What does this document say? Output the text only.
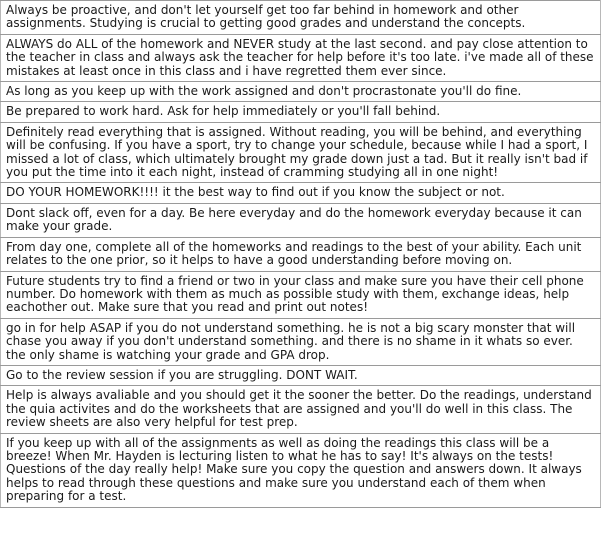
Always be proactive, and don't let yourself get too far behind in homework and other assignments. Studying is crucial to getting good grades and understand the concepts.
ALWAYS do ALL of the homework and NEVER study at the last second. and pay close attention to the teacher in class and always ask the teacher for help before it's too late. i've made all of these mistakes at least once in this class and i have regretted them ever since.
As long as you keep up with the work assigned and don't procrastonate you'll do fine.
Be prepared to work hard. Ask for help immediately or you'll fall behind.
Definitely read everything that is assigned. Without reading, you will be behind, and everything will be confusing. If you have a sport, try to change your schedule, because while I had a sport, I missed a lot of class, which ultimately brought my grade down just a tad. But it really isn't bad if you put the time into it each night, instead of cramming studying all in one night!
DO YOUR HOMEWORK!!!! it the best way to find out if you know the subject or not.
Dont slack off, even for a day. Be here everyday and do the homework everyday because it can make your grade.
From day one, complete all of the homeworks and readings to the best of your ability. Each unit relates to the one prior, so it helps to have a good understanding before moving on.
Future students try to find a friend or two in your class and make sure you have their cell phone number. Do homework with them as much as possible study with them, exchange ideas, help eachother out. Make sure that you read and print out notes!
go in for help ASAP if you do not understand something. he is not a big scary monster that will chase you away if you don't understand something. and there is no shame in it whats so ever. the only shame is watching your grade and GPA drop.
Go to the review session if you are struggling. DONT WAIT.
Help is always avaliable and you should get it the sooner the better. Do the readings, understand the quia activites and do the worksheets that are assigned and you'll do well in this class. The review sheets are also very helpful for test prep.
If you keep up with all of the assignments as well as doing the readings this class will be a breeze! When Mr. Hayden is lecturing listen to what he has to say! It's always on the tests! Questions of the day really help! Make sure you copy the question and answers down. It always helps to read through these questions and make sure you understand each of them when preparing for a test.
